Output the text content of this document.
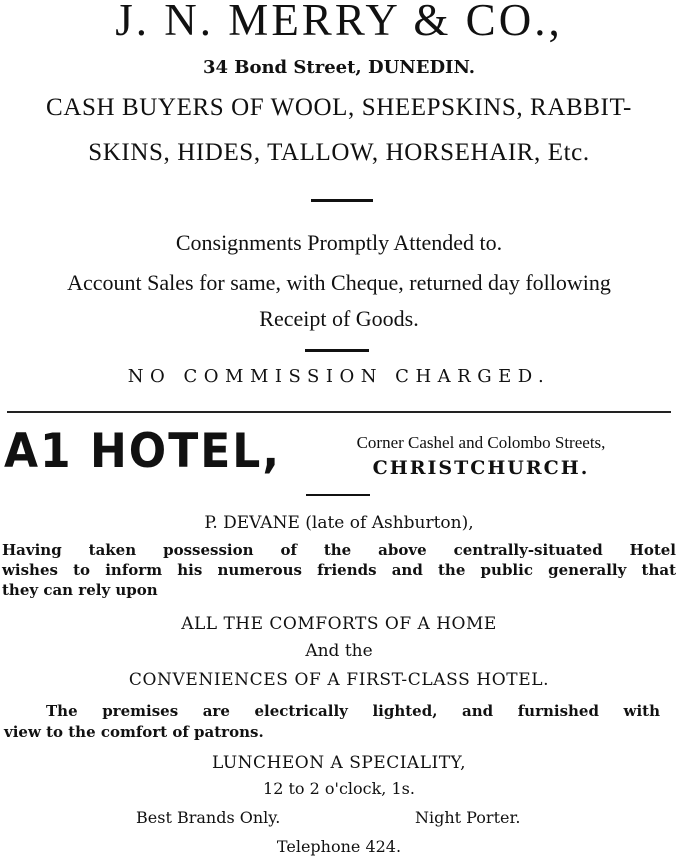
J. N. MERRY & CO.,
34 Bond Street, DUNEDIN.
CASH BUYERS OF WOOL, SHEEPSKINS, RABBIT-
SKINS, HIDES, TALLOW, HORSEHAIR, Etc.
Consignments Promptly Attended to.
Account Sales for same, with Cheque, returned day following
Receipt of Goods.
NO COMMISSION CHARGED.
A1 HOTEL,	Corner Cashel and Colombo Streets,
CHRISTCHURCH.
P. DEVANE (late of Ashburton),
Having taken possession of the above centrally-situated Hotel
wishes to inform his numerous friends and the public generally that
they can rely upon
ALL THE COMFORTS OF A HOME
And the
CONVENIENCES OF A FIRST-CLASS HOTEL.
The premises are electrically lighted, and furnished with
view to the comfort of patrons.
LUNCHEON A SPECIALITY,
12 to 2 o'clock, 1s.
Best Brands Only.	Night Porter.
Telephone 424.
